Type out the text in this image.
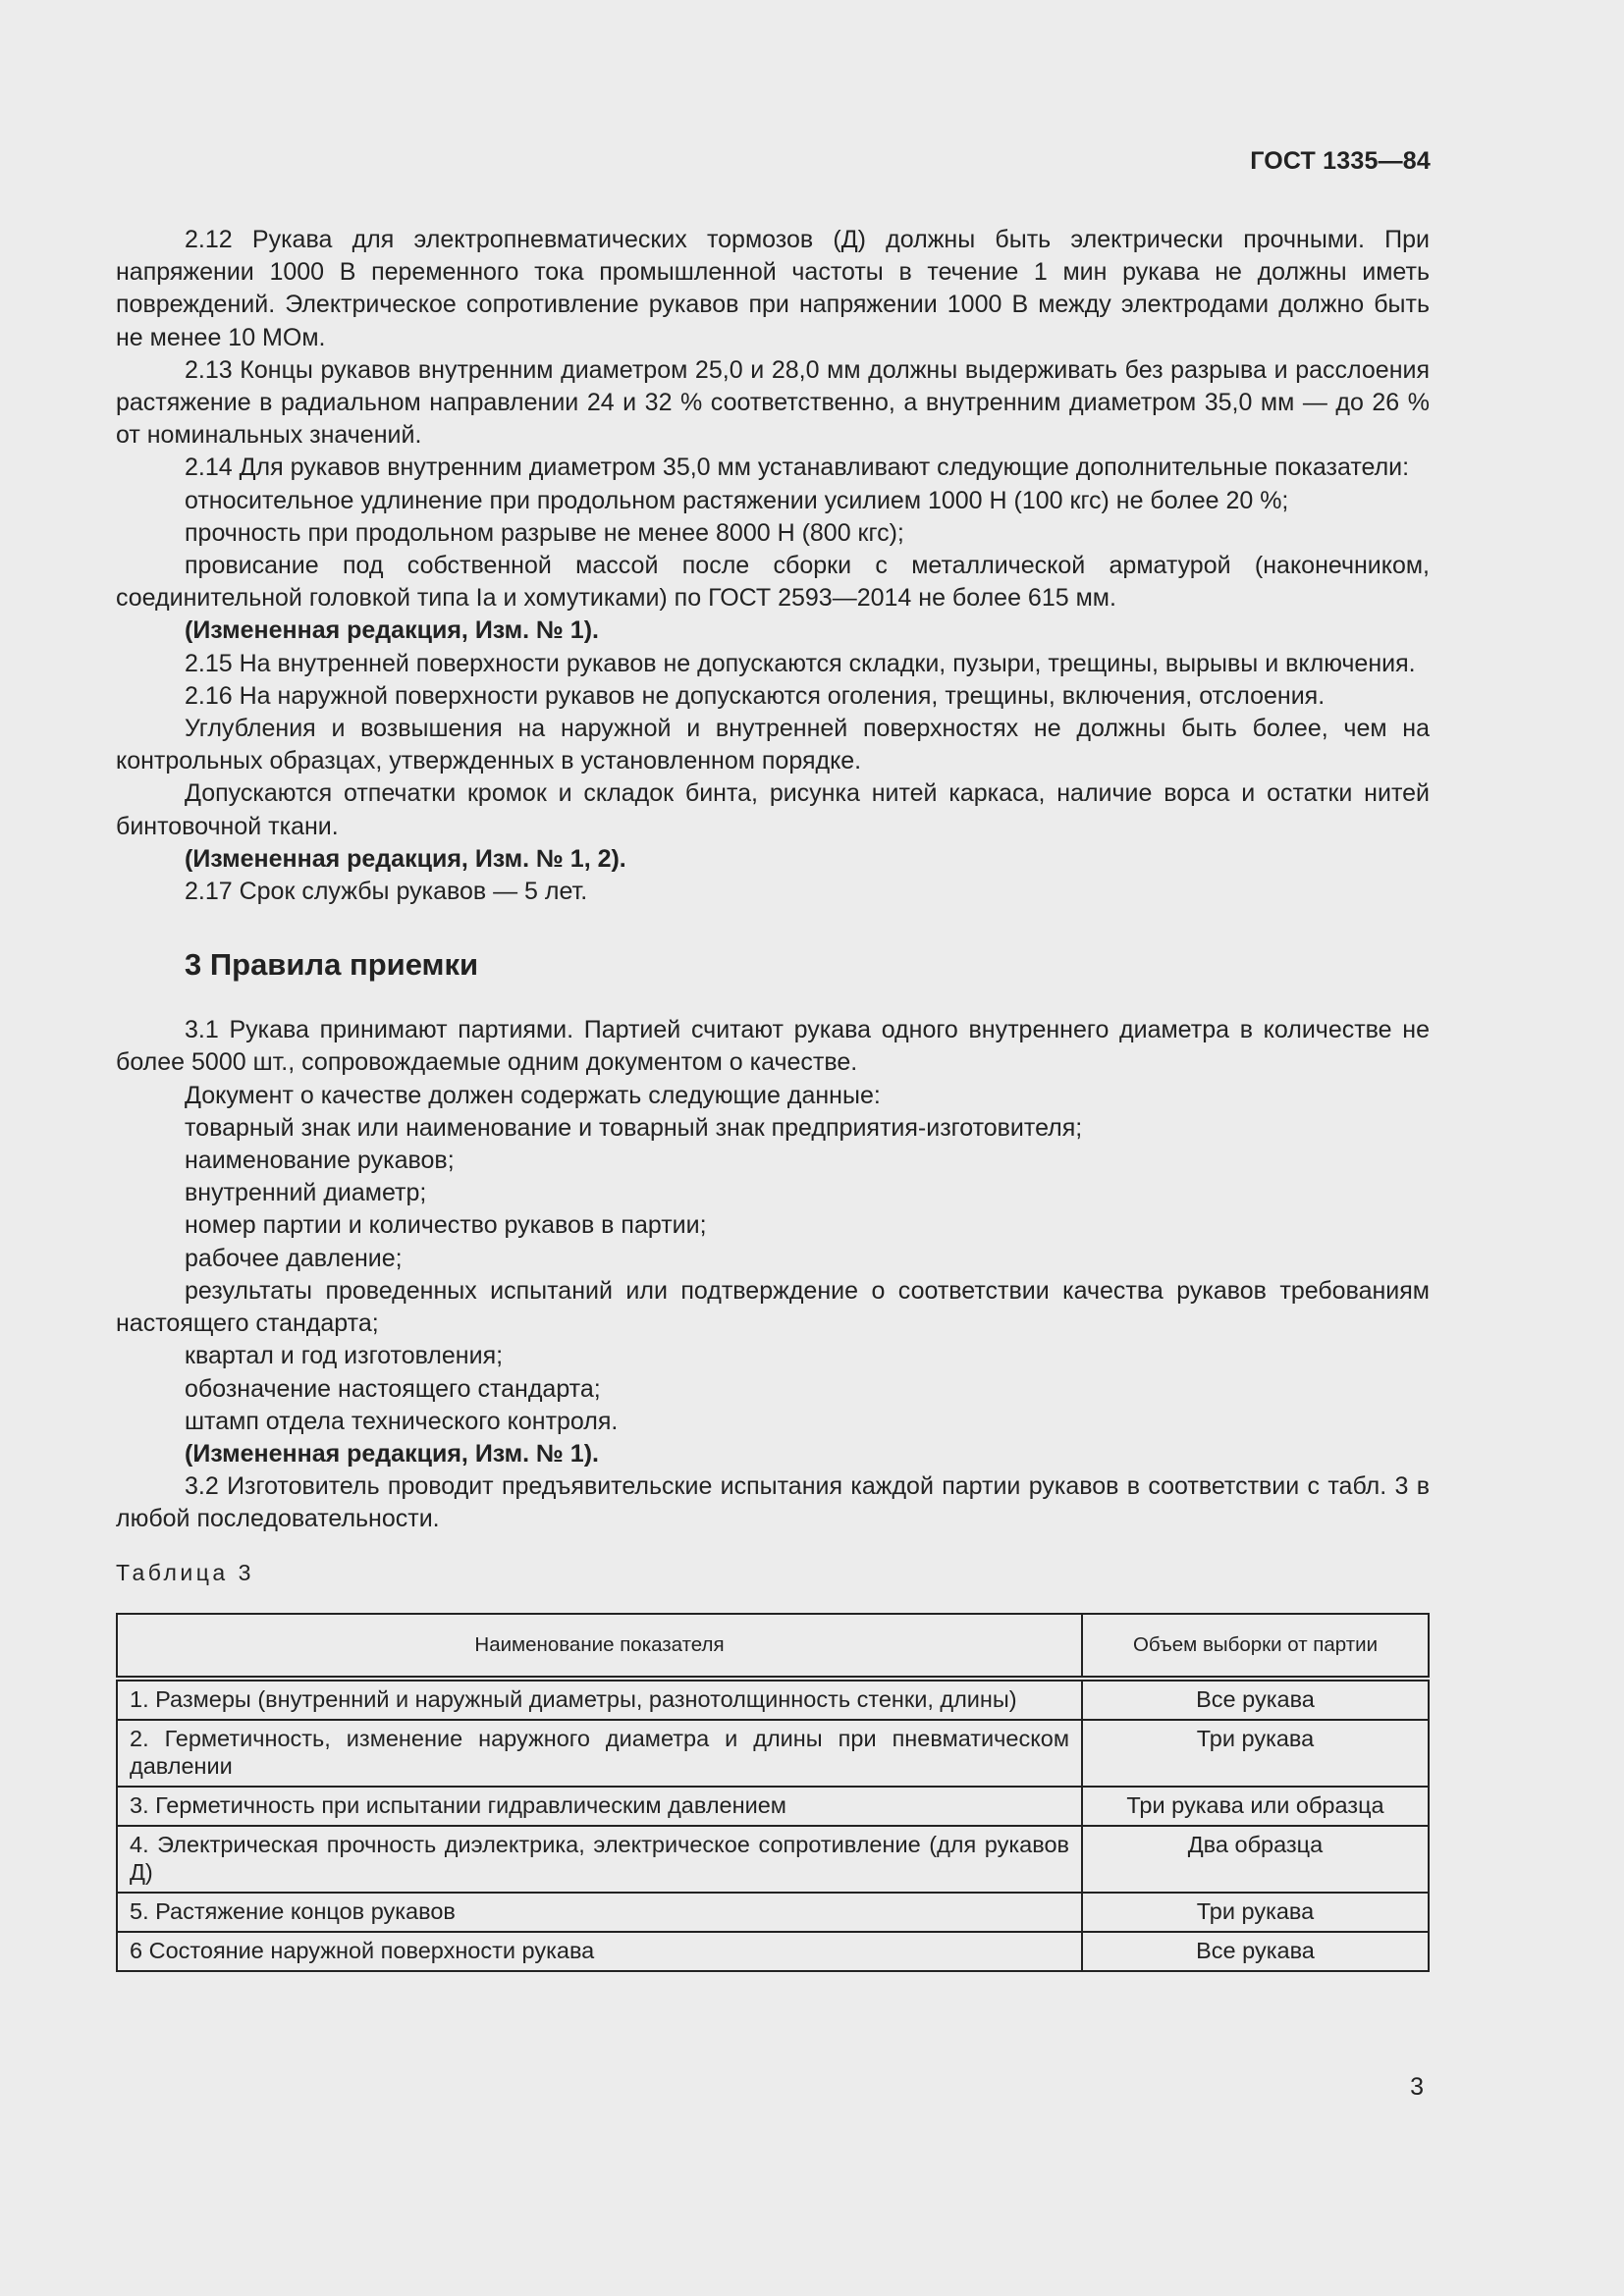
ГОСТ 1335—84

2.12 Рукава для электропневматических тормозов (Д) должны быть электрически прочными. При напряжении 1000 В переменного тока промышленной частоты в течение 1 мин рукава не должны иметь повреждений. Электрическое сопротивление рукавов при напряжении 1000 В между электродами должно быть не менее 10 МОм.

2.13 Концы рукавов внутренним диаметром 25,0 и 28,0 мм должны выдерживать без разрыва и расслоения растяжение в радиальном направлении 24 и 32 % соответственно, а внутренним диаметром 35,0 мм — до 26 % от номинальных значений.

2.14 Для рукавов внутренним диаметром 35,0 мм устанавливают следующие дополнительные показатели:

относительное удлинение при продольном растяжении усилием 1000 Н (100 кгс) не более 20 %;

прочность при продольном разрыве не менее 8000 Н (800 кгс);

провисание под собственной массой после сборки с металлической арматурой (наконечником, соединительной головкой типа Iа и хомутиками) по ГОСТ 2593—2014 не более 615 мм.

(Измененная редакция, Изм. № 1).

2.15 На внутренней поверхности рукавов не допускаются складки, пузыри, трещины, вырывы и включения.

2.16 На наружной поверхности рукавов не допускаются оголения, трещины, включения, отслоения.

Углубления и возвышения на наружной и внутренней поверхностях не должны быть более, чем на контрольных образцах, утвержденных в установленном порядке.

Допускаются отпечатки кромок и складок бинта, рисунка нитей каркаса, наличие ворса и остатки нитей бинтовочной ткани.

(Измененная редакция, Изм. № 1, 2).

2.17 Срок службы рукавов — 5 лет.

3 Правила приемки

3.1 Рукава принимают партиями. Партией считают рукава одного внутреннего диаметра в количестве не более 5000 шт., сопровождаемые одним документом о качестве.

Документ о качестве должен содержать следующие данные:

товарный знак или наименование и товарный знак предприятия-изготовителя;

наименование рукавов;

внутренний диаметр;

номер партии и количество рукавов в партии;

рабочее давление;

результаты проведенных испытаний или подтверждение о соответствии качества рукавов требованиям настоящего стандарта;

квартал и год изготовления;

обозначение настоящего стандарта;

штамп отдела технического контроля.

(Измененная редакция, Изм. № 1).

3.2 Изготовитель проводит предъявительские испытания каждой партии рукавов в соответствии с табл. 3 в любой последовательности.

Таблица 3
Наименование показателя	Объем выборки от партии
1. Размеры (внутренний и наружный диаметры, разнотолщинность стенки, длины)	Все рукава
2. Герметичность, изменение наружного диаметра и длины при пневматическом давлении	Три рукава
3. Герметичность при испытании гидравлическим давлением	Три рукава или образца
4. Электрическая прочность диэлектрика, электрическое сопротивление (для рукавов Д)	Два образца
5. Растяжение концов рукавов	Три рукава
6 Состояние наружной поверхности рукава	Все рукава
3
